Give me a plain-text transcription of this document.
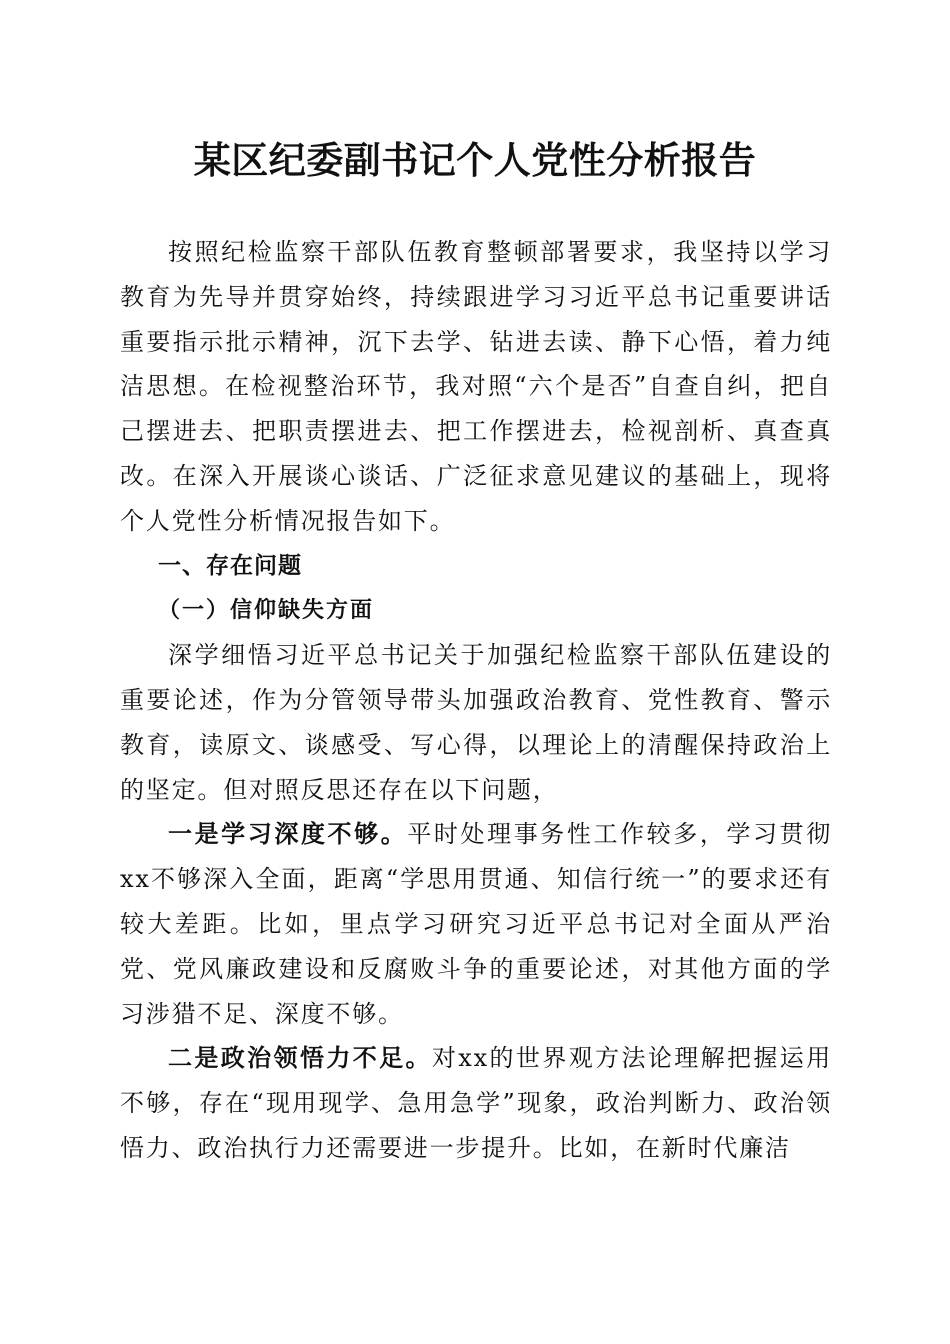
某区纪委副书记个人党性分析报告

按照纪检监察干部队伍教育整顿部署要求，我坚持以学习教育为先导并贯穿始终，持续跟进学习习近平总书记重要讲话重要指示批示精神，沉下去学、钻进去读、静下心悟，着力纯洁思想。在检视整治环节，我对照“六个是否”自查自纠，把自己摆进去、把职责摆进去、把工作摆进去，检视剖析、真查真改。在深入开展谈心谈话、广泛征求意见建议的基础上，现将个人党性分析情况报告如下。

一、存在问题

（一）信仰缺失方面

深学细悟习近平总书记关于加强纪检监察干部队伍建设的重要论述，作为分管领导带头加强政治教育、党性教育、警示教育，读原文、谈感受、写心得，以理论上的清醒保持政治上的坚定。但对照反思还存在以下问题，

一是学习深度不够。平时处理事务性工作较多，学习贯彻xx不够深入全面，距离“学思用贯通、知信行统一”的要求还有较大差距。比如，里点学习研究习近平总书记对全面从严治党、党风廉政建设和反腐败斗争的重要论述，对其他方面的学习涉猎不足、深度不够。

二是政治领悟力不足。对xx的世界观方法论理解把握运用不够，存在“现用现学、急用急学”现象，政治判断力、政治领悟力、政治执行力还需要进一步提升。比如，在新时代廉洁
